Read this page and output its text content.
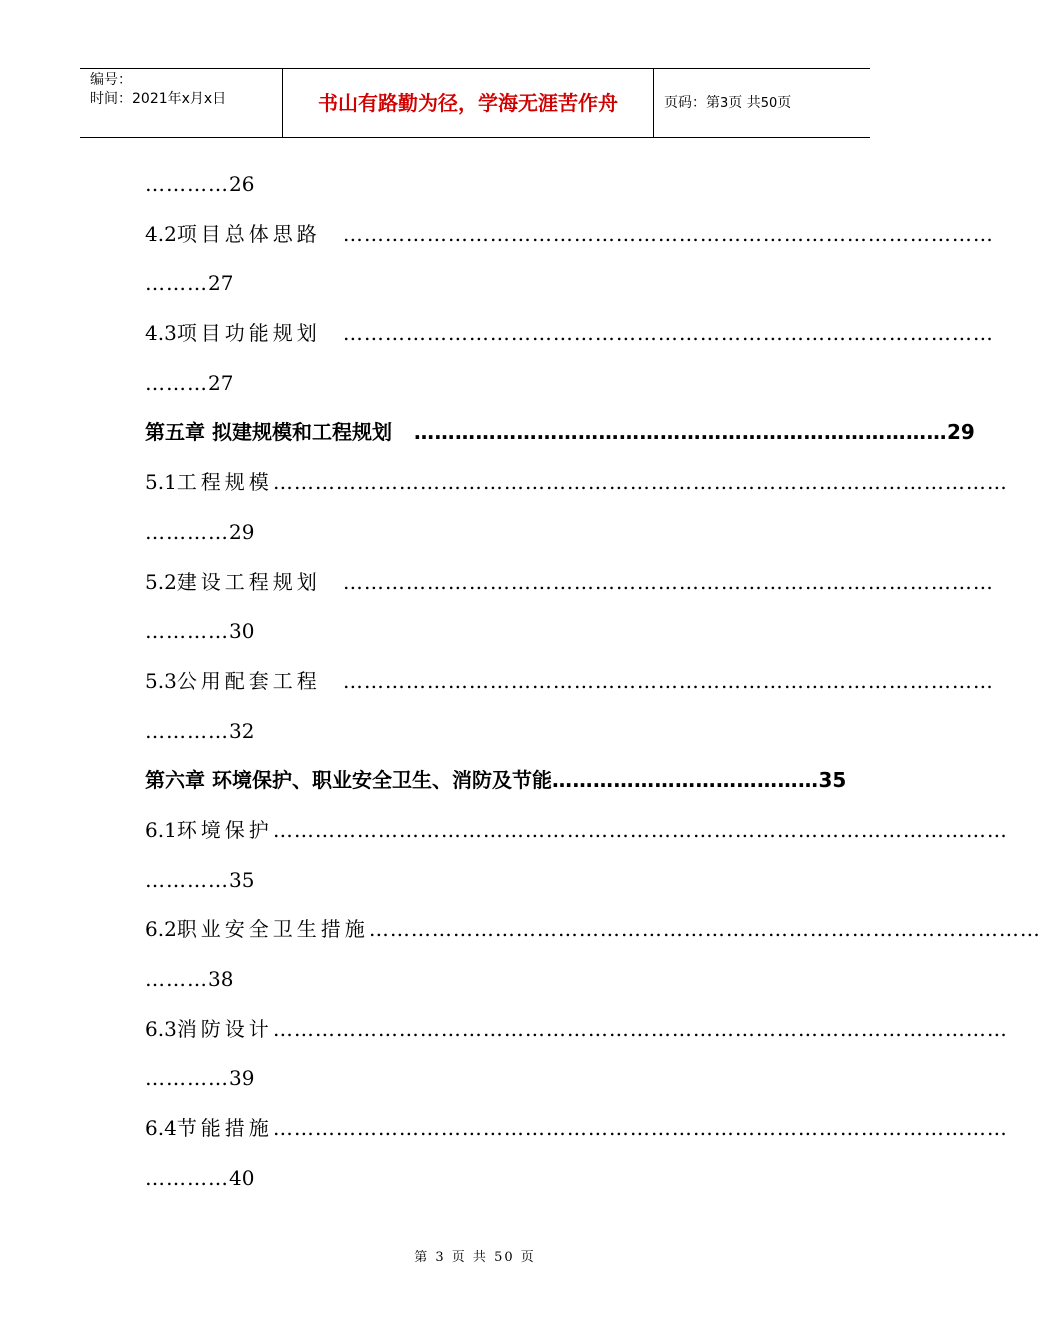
编号：
时间：2021年x月x日	书山有路勤为径，学海无涯苦作舟	页码：第3页 共50页
…………26
4.2 项目总体思路 …………………………………………………………………………………
………27
4.3 项目功能规划 …………………………………………………………………………………
………27
第五章 拟建规模和工程规划 …………………………………………………………………… 29
5.1 工程规模 ……………………………………………………………………………………………
…………29
5.2 建设工程规划 …………………………………………………………………………………
…………30
5.3 公用配套工程 …………………………………………………………………………………
…………32
第六章 环境保护、职业安全卫生、消防及节能 ………………………………… 35
6.1 环境保护 ……………………………………………………………………………………………
…………35
6.2 职业安全卫生措施 ……………………………………………………………………………………
………38
6.3 消防设计 ……………………………………………………………………………………………
…………39
6.4 节能措施 ……………………………………………………………………………………………
…………40
第 3 页 共 50 页
